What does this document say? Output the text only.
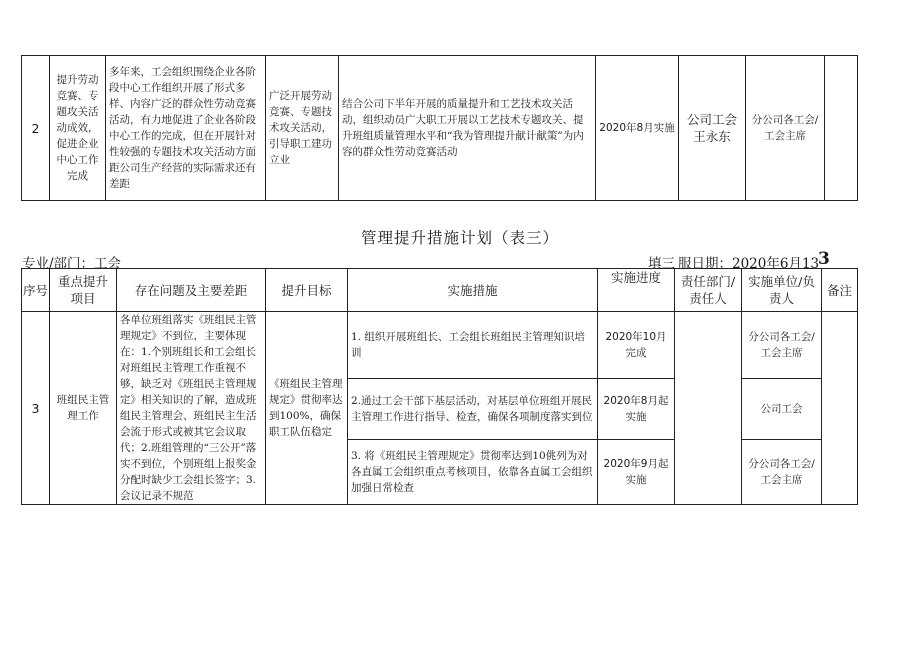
2	提升劳动竞赛、专题攻关活动成效，促进企业中心工作完成	多年来，工会组织围绕企业各阶段中心工作组织开展了形式多样、内容广泛的群众性劳动竞赛活动，有力地促进了企业各阶段中心工作的完成，但在开展针对性较强的专题技术攻关活动方面距公司生产经营的实际需求还有差距	广泛开展劳动竞赛、专题技术攻关活动，引导职工建功立业	结合公司下半年开展的质量提升和工艺技术攻关活动，组织动员广大职工开展以工艺技术专题攻关、提升班组质量管理水平和“我为管理提升献计献策”为内容的群众性劳动竞赛活动	2020年8月实施	公司工会王永东	分公司各工会/工会主席	
管理提升措施计划（表三）
专业/部门：工会	填三 服日期：2020年6月13
3
序号	重点提升项目	存在问题及主要差距	提升目标	实施措施	实施进度	责任部门/责任人	实施单位/负责人	备注
3	班组民主管理工作	各单位班组落实《班组民主管理规定》不到位，主要体现在：1.个别班组长和工会组长对班组民主管理工作重视不够，缺乏对《班组民主管理规定》相关知识的了解，造成班组民主管理会、班组民主生活会流于形式或被其它会议取代；2.班组管理的“三公开”落实不到位，个别班组上报奖金分配时缺少工会组长签字；3.会议记录不规范	《班组民主管理规定》贯彻率达到100%，确保职工队伍稳定	1. 组织开展班组长、工会组长班组民主管理知识培训	2020年10月完成		分公司各工会/工会主席	
				2.通过工会干部下基层活动，对基层单位班组开展民主管理工作进行指导、检查，确保各项制度落实到位	2020年8月起实施		公司工会	
				3. 将《班组民主管理规定》贯彻率达到10佻列为对各直属工会组织重点考核项目，依靠各直属工会组织加强日常检查	2020年9月起实施		分公司各工会/工会主席	
